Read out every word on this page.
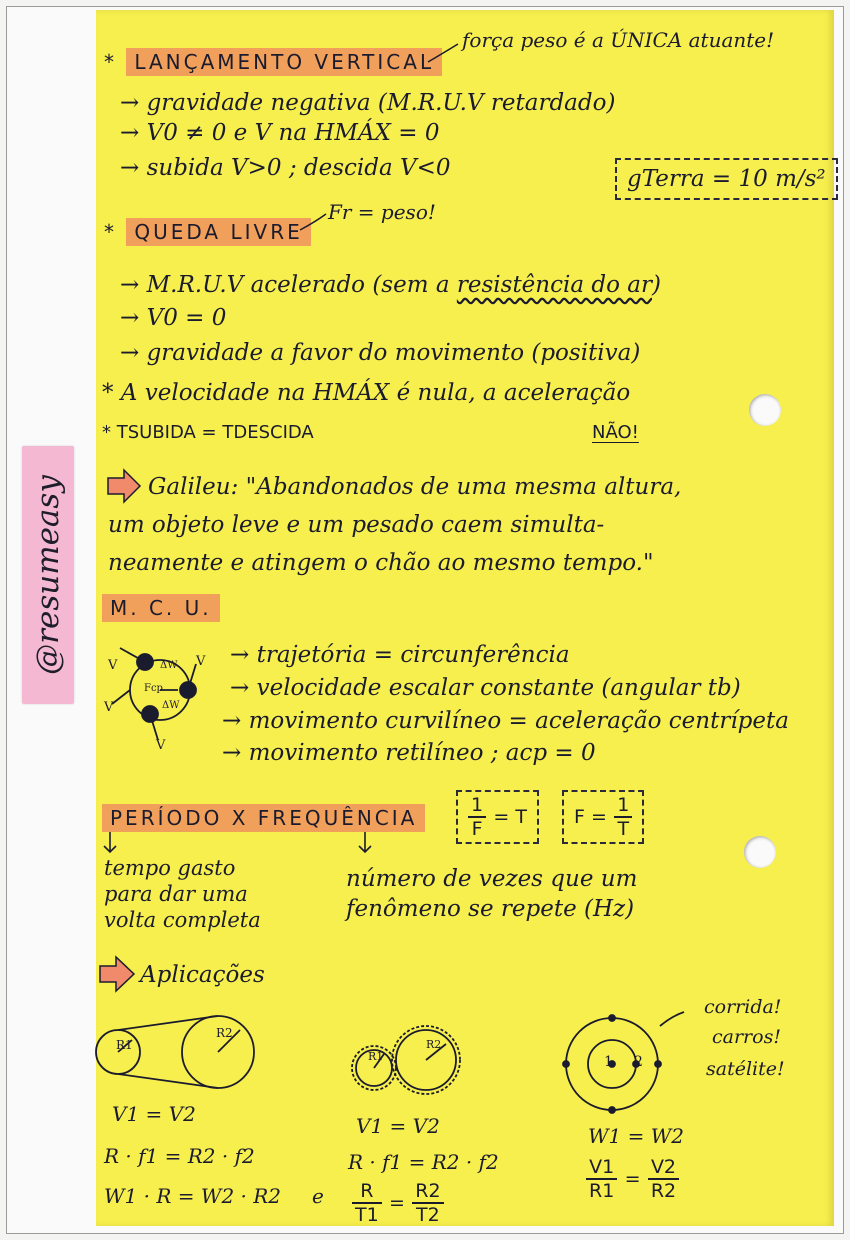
@resumeasy
* LANÇAMENTO VERTICAL
força peso é a ÚNICA atuante!
→ gravidade negativa (M.R.U.V retardado)
→ V0 ≠ 0 e V na HMÁX = 0
→ subida V>0 ; descida V<0	gTerra = 10 m/s²
* QUEDA LIVRE
Fr = peso!
→ M.R.U.V acelerado (sem a resistência do ar)
→ V0 = 0
→ gravidade a favor do movimento (positiva)
* A velocidade na HMÁX é nula, a aceleração
* TSUBIDA = TDESCIDA	NÃO!
Galileu: "Abandonados de uma mesma altura,
um objeto leve e um pesado caem simulta-
neamente e atingem o chão ao mesmo tempo."
M. C. U.
→ trajetória = circunferência
→ velocidade escalar constante (angular tb)
→ movimento curvilíneo = aceleração centrípeta
→ movimento retilíneo ; acp = 0
V	V
V
V
ΔW
ΔW
Fcp
PERÍODO X FREQUÊNCIA	$\frac{1}{F} = T$	$F = \frac{1}{T}$
tempo gasto
para dar uma
volta completa
número de vezes que um
fenômeno se repete (Hz)
Aplicações
R1
R2
V1 = V2
R · f1 = R2 · f2
W1 · R = W2 · R2 e
R1
R2
V1 = V2
R · f1 = R2 · f2
$\frac{R}{T1} = \frac{R2}{T2}$
1 2
corrida!
carros!
satélite!
W1 = W2
$\frac{V1}{R1} = \frac{V2}{R2}$
